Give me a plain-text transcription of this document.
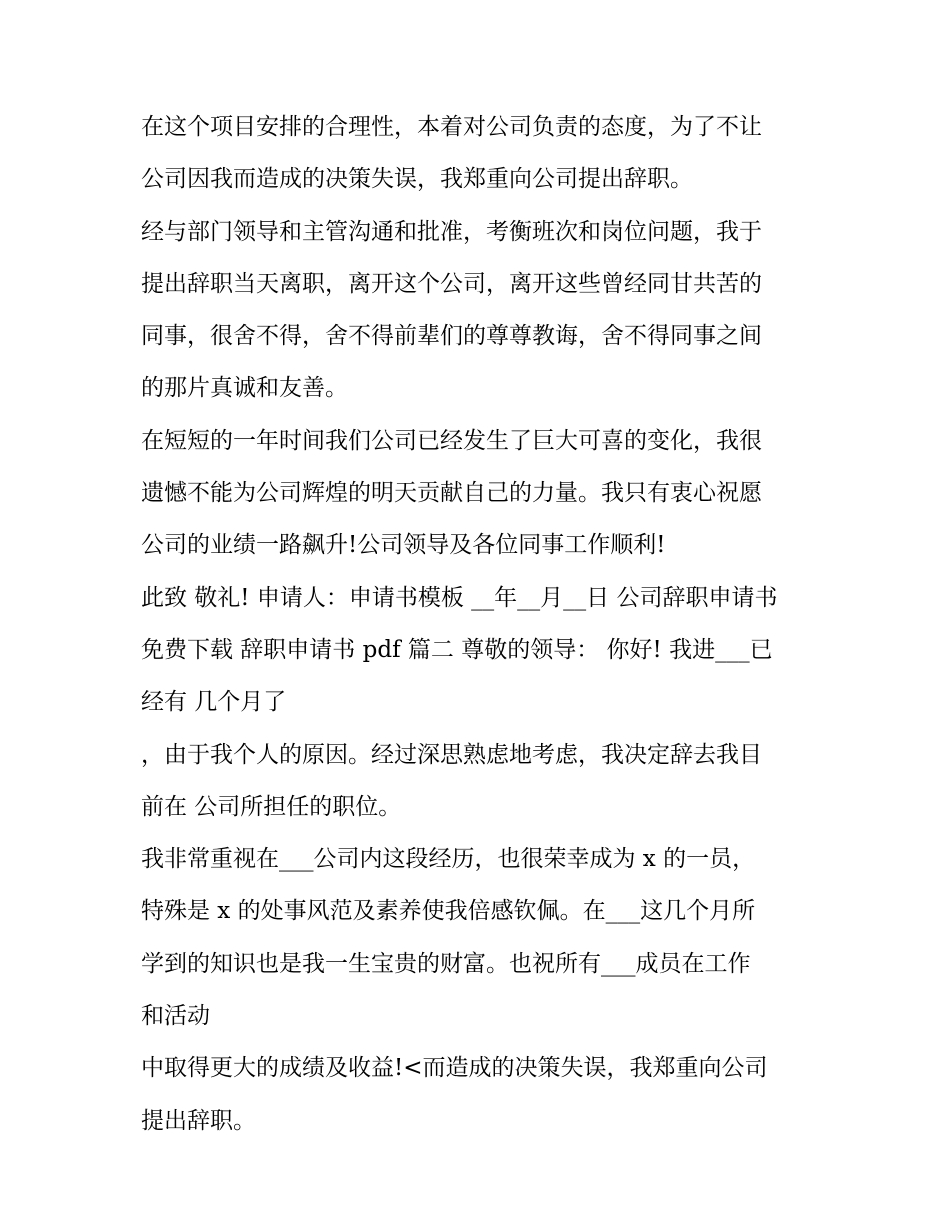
在这个项目安排的合理性，本着对公司负责的态度，为了不让
公司因我而造成的决策失误，我郑重向公司提出辞职。
经与部门领导和主管沟通和批准，考衡班次和岗位问题，我于
提出辞职当天离职，离开这个公司，离开这些曾经同甘共苦的
同事，很舍不得，舍不得前辈们的尊尊教诲，舍不得同事之间
的那片真诚和友善。
在短短的一年时间我们公司已经发生了巨大可喜的变化，我很
遗憾不能为公司辉煌的明天贡献自己的力量。我只有衷心祝愿
公司的业绩一路飙升!公司领导及各位同事工作顺利!
此致 敬礼! 申请人：申请书模板 __年__月__日 公司辞职申请书
免费下载 辞职申请书 pdf 篇二 尊敬的领导： 你好! 我进___已
经有 几个月了
，由于我个人的原因。经过深思熟虑地考虑，我决定辞去我目
前在 公司所担任的职位。
我非常重视在___公司内这段经历，也很荣幸成为 x 的一员，
特殊是 x 的处事风范及素养使我倍感钦佩。在___这几个月所
学到的知识也是我一生宝贵的财富。也祝所有___成员在工作
和活动
中取得更大的成绩及收益!<而造成的决策失误，我郑重向公司
提出辞职。
